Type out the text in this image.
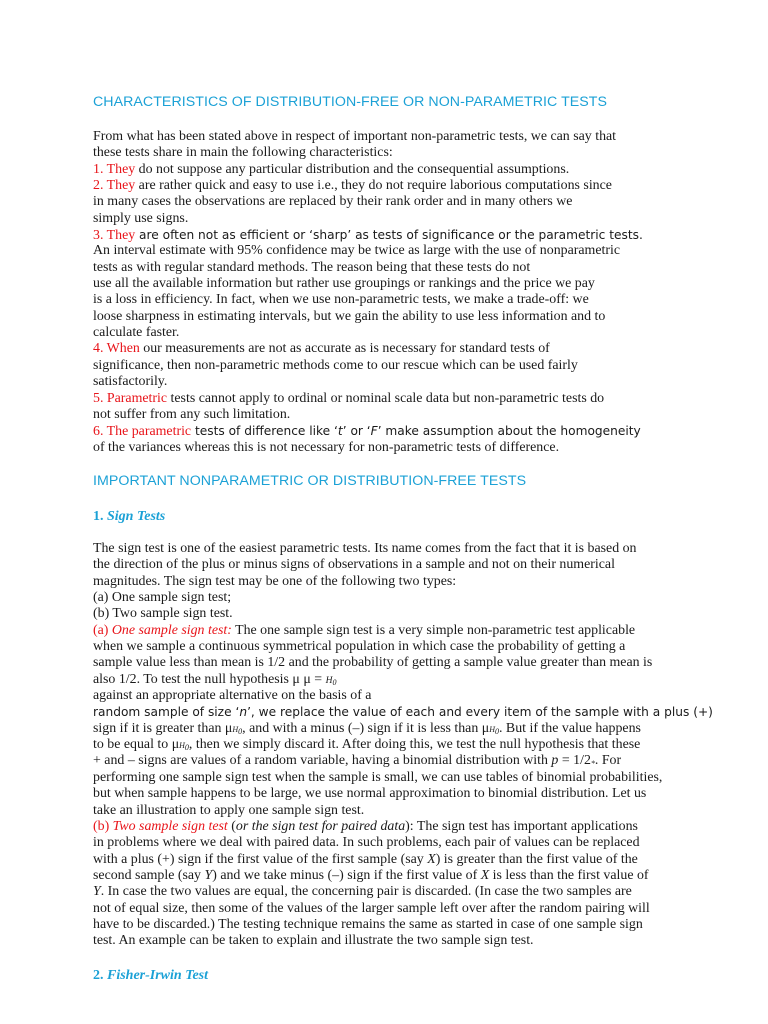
CHARACTERISTICS OF DISTRIBUTION-FREE OR NON-PARAMETRIC TESTS
From what has been stated above in respect of important non-parametric tests, we can say that
these tests share in main the following characteristics:
1. They do not suppose any particular distribution and the consequential assumptions.
2. They are rather quick and easy to use i.e., they do not require laborious computations since
in many cases the observations are replaced by their rank order and in many others we
simply use signs.
3. They are often not as efficient or ‘sharp’ as tests of significance or the parametric tests.
An interval estimate with 95% confidence may be twice as large with the use of nonparametric
tests as with regular standard methods. The reason being that these tests do not
use all the available information but rather use groupings or rankings and the price we pay
is a loss in efficiency. In fact, when we use non-parametric tests, we make a trade-off: we
loose sharpness in estimating intervals, but we gain the ability to use less information and to
calculate faster.
4. When our measurements are not as accurate as is necessary for standard tests of
significance, then non-parametric methods come to our rescue which can be used fairly
satisfactorily.
5. Parametric tests cannot apply to ordinal or nominal scale data but non-parametric tests do
not suffer from any such limitation.
6. The parametric tests of difference like ‘t’ or ‘F’ make assumption about the homogeneity
of the variances whereas this is not necessary for non-parametric tests of difference.
IMPORTANT NONPARAMETRIC OR DISTRIBUTION-FREE TESTS
1. Sign Tests
The sign test is one of the easiest parametric tests. Its name comes from the fact that it is based on
the direction of the plus or minus signs of observations in a sample and not on their numerical
magnitudes. The sign test may be one of the following two types:
(a) One sample sign test;
(b) Two sample sign test.
(a) One sample sign test: The one sample sign test is a very simple non-parametric test applicable
when we sample a continuous symmetrical population in which case the probability of getting a
sample value less than mean is 1/2 and the probability of getting a sample value greater than mean is
also 1/2. To test the null hypothesis μ $\mu = H_0$
against an appropriate alternative on the basis of a
random sample of size ‘n’, we replace the value of each and every item of the sample with a plus (+)
sign if it is greater than $\mu H_0$, and with a minus (–) sign if it is less than $\mu H_0$. But if the value happens
to be equal to $\mu H_0$, then we simply discard it. After doing this, we test the null hypothesis that these
+ and – signs are values of a random variable, having a binomial distribution with $p = 1/2_*$. For
performing one sample sign test when the sample is small, we can use tables of binomial probabilities,
but when sample happens to be large, we use normal approximation to binomial distribution. Let us
take an illustration to apply one sample sign test.
(b) Two sample sign test (or the sign test for paired data): The sign test has important applications
in problems where we deal with paired data. In such problems, each pair of values can be replaced
with a plus (+) sign if the first value of the first sample (say X) is greater than the first value of the
second sample (say Y) and we take minus (–) sign if the first value of X is less than the first value of
Y. In case the two values are equal, the concerning pair is discarded. (In case the two samples are
not of equal size, then some of the values of the larger sample left over after the random pairing will
have to be discarded.) The testing technique remains the same as started in case of one sample sign
test. An example can be taken to explain and illustrate the two sample sign test.
2. Fisher-Irwin Test
